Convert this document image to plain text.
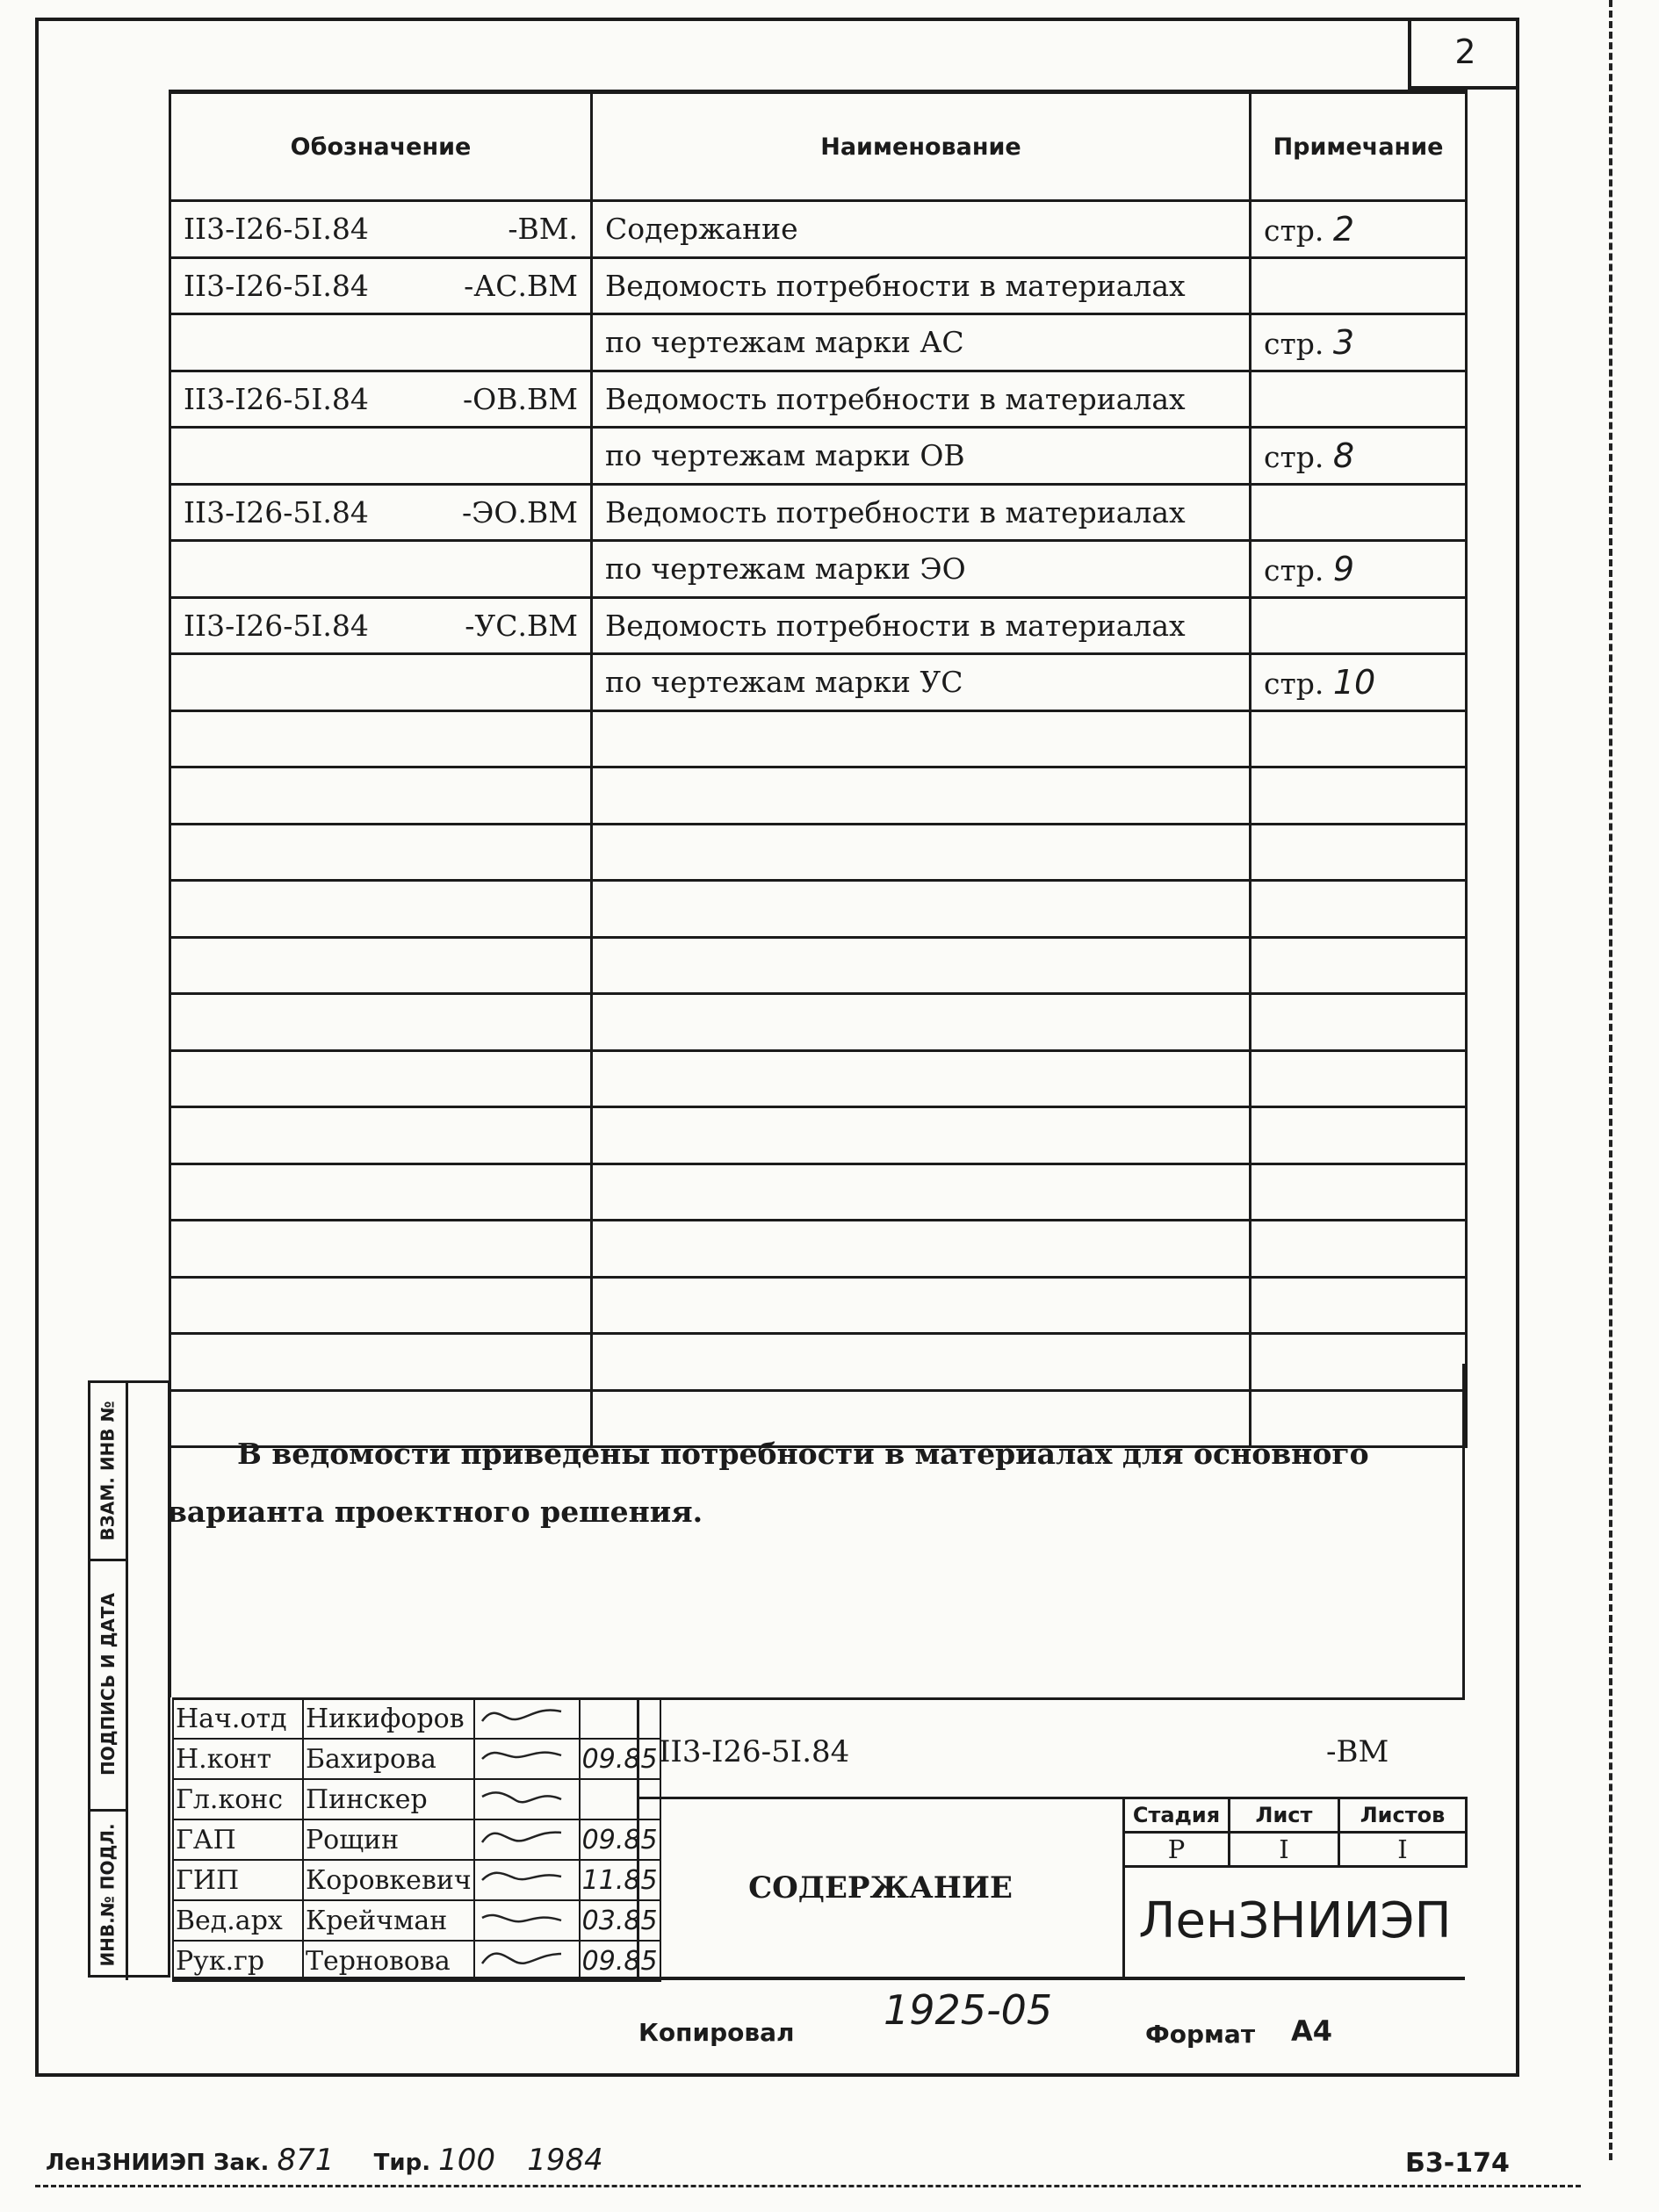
2
Обозначение	Наименование	Примечание
II3-I26-5I.84 -ВМ.	Содержание	стр. 2
II3-I26-5I.84 -АС.ВМ	Ведомость потребности в материалах	

	по чертежам марки АС	стр. 3
II3-I26-5I.84 -ОВ.ВМ	Ведомость потребности в материалах	

	по чертежам марки ОВ	стр. 8
II3-I26-5I.84 -ЭО.ВМ	Ведомость потребности в материалах	

	по чертежам марки ЭО	стр. 9
II3-I26-5I.84 -УС.ВМ	Ведомость потребности в материалах	

	по чертежам марки УС	стр. 10

В ведомости приведены потребности в материалах для основного
варианта проектного решения.
ВЗАМ. ИНВ №
ПОДПИСЬ И ДАТА
ИНВ.№ ПОДЛ.
Нач.отд	Никифоров		
Н.конт	Бахирова		09.85
Гл.конс	Пинскер		
ГАП	Рощин		09.85
ГИП	Коровкевич		11.85
Вед.арх	Крейчман		03.85
Рук.гр	Терновова		09.85
II3-I26-5I.84	-ВМ
СОДЕРЖАНИЕ
Стадия	Лист	Листов
Р	I	I
ЛенЗНИИЭП
Копировал 1925-05
Формат А4
ЛенЗНИИЭП Зак. 871 Тир. 100 1984	Б3-174
